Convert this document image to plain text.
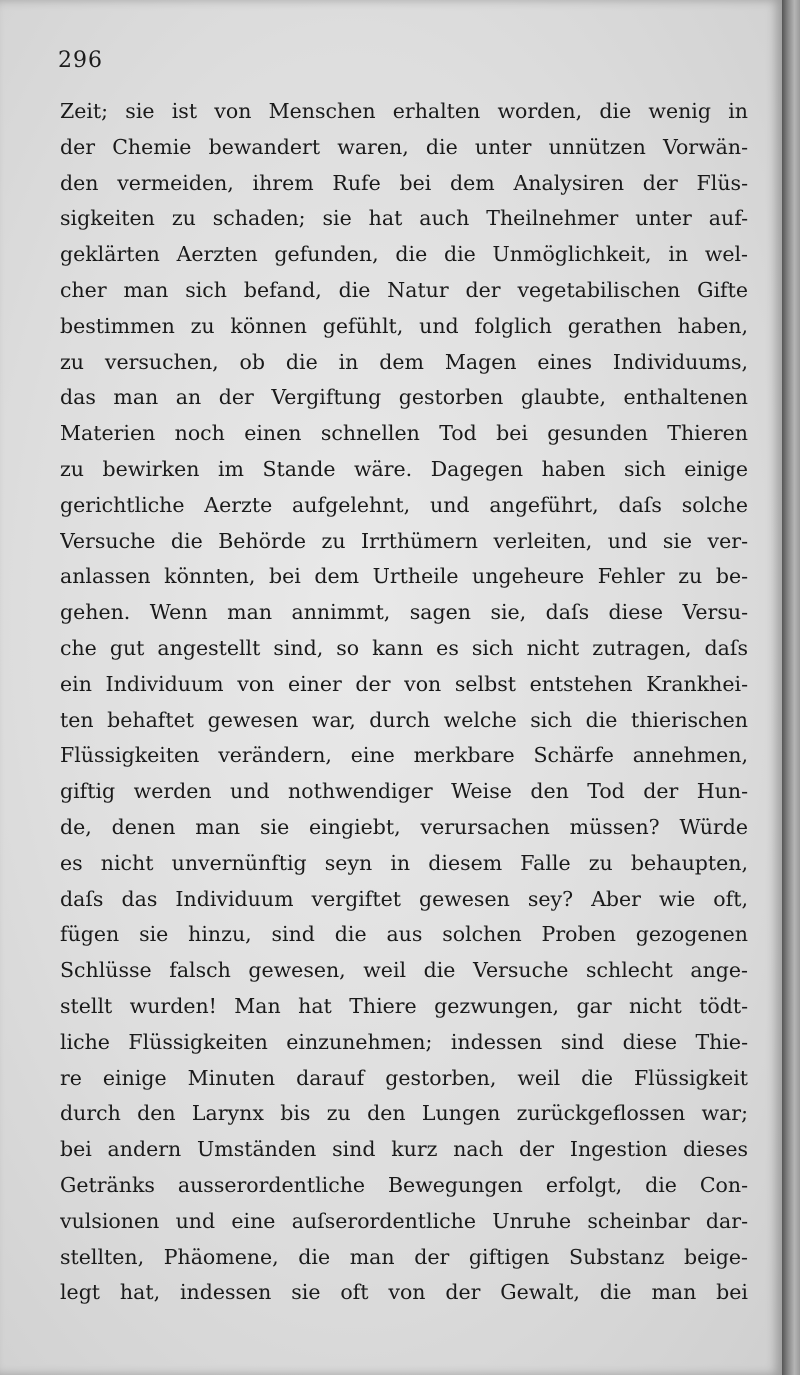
296
Zeit; sie ist von Menschen erhalten worden, die wenig in
der Chemie bewandert waren, die unter unnützen Vorwän-
den vermeiden, ihrem Rufe bei dem Analysiren der Flüs-
sigkeiten zu schaden; sie hat auch Theilnehmer unter auf-
geklärten Aerzten gefunden, die die Unmöglichkeit, in wel-
cher man sich befand, die Natur der vegetabilischen Gifte
bestimmen zu können gefühlt, und folglich gerathen haben,
zu versuchen, ob die in dem Magen eines Individuums,
das man an der Vergiftung gestorben glaubte, enthaltenen
Materien noch einen schnellen Tod bei gesunden Thieren
zu bewirken im Stande wäre. Dagegen haben sich einige
gerichtliche Aerzte aufgelehnt, und angeführt, daſs solche
Versuche die Behörde zu Irrthümern verleiten, und sie ver-
anlassen könnten, bei dem Urtheile ungeheure Fehler zu be-
gehen. Wenn man annimmt, sagen sie, daſs diese Versu-
che gut angestellt sind, so kann es sich nicht zutragen, daſs
ein Individuum von einer der von selbst entstehen Krankhei-
ten behaftet gewesen war, durch welche sich die thierischen
Flüssigkeiten verändern, eine merkbare Schärfe annehmen,
giftig werden und nothwendiger Weise den Tod der Hun-
de, denen man sie eingiebt, verursachen müssen? Würde
es nicht unvernünftig seyn in diesem Falle zu behaupten,
daſs das Individuum vergiftet gewesen sey? Aber wie oft,
fügen sie hinzu, sind die aus solchen Proben gezogenen
Schlüsse falsch gewesen, weil die Versuche schlecht ange-
stellt wurden! Man hat Thiere gezwungen, gar nicht tödt-
liche Flüssigkeiten einzunehmen; indessen sind diese Thie-
re einige Minuten darauf gestorben, weil die Flüssigkeit
durch den Larynx bis zu den Lungen zurückgeflossen war;
bei andern Umständen sind kurz nach der Ingestion dieses
Getränks ausserordentliche Bewegungen erfolgt, die Con-
vulsionen und eine auſserordentliche Unruhe scheinbar dar-
stellten, Phäomene, die man der giftigen Substanz beige-
legt hat, indessen sie oft von der Gewalt, die man bei
